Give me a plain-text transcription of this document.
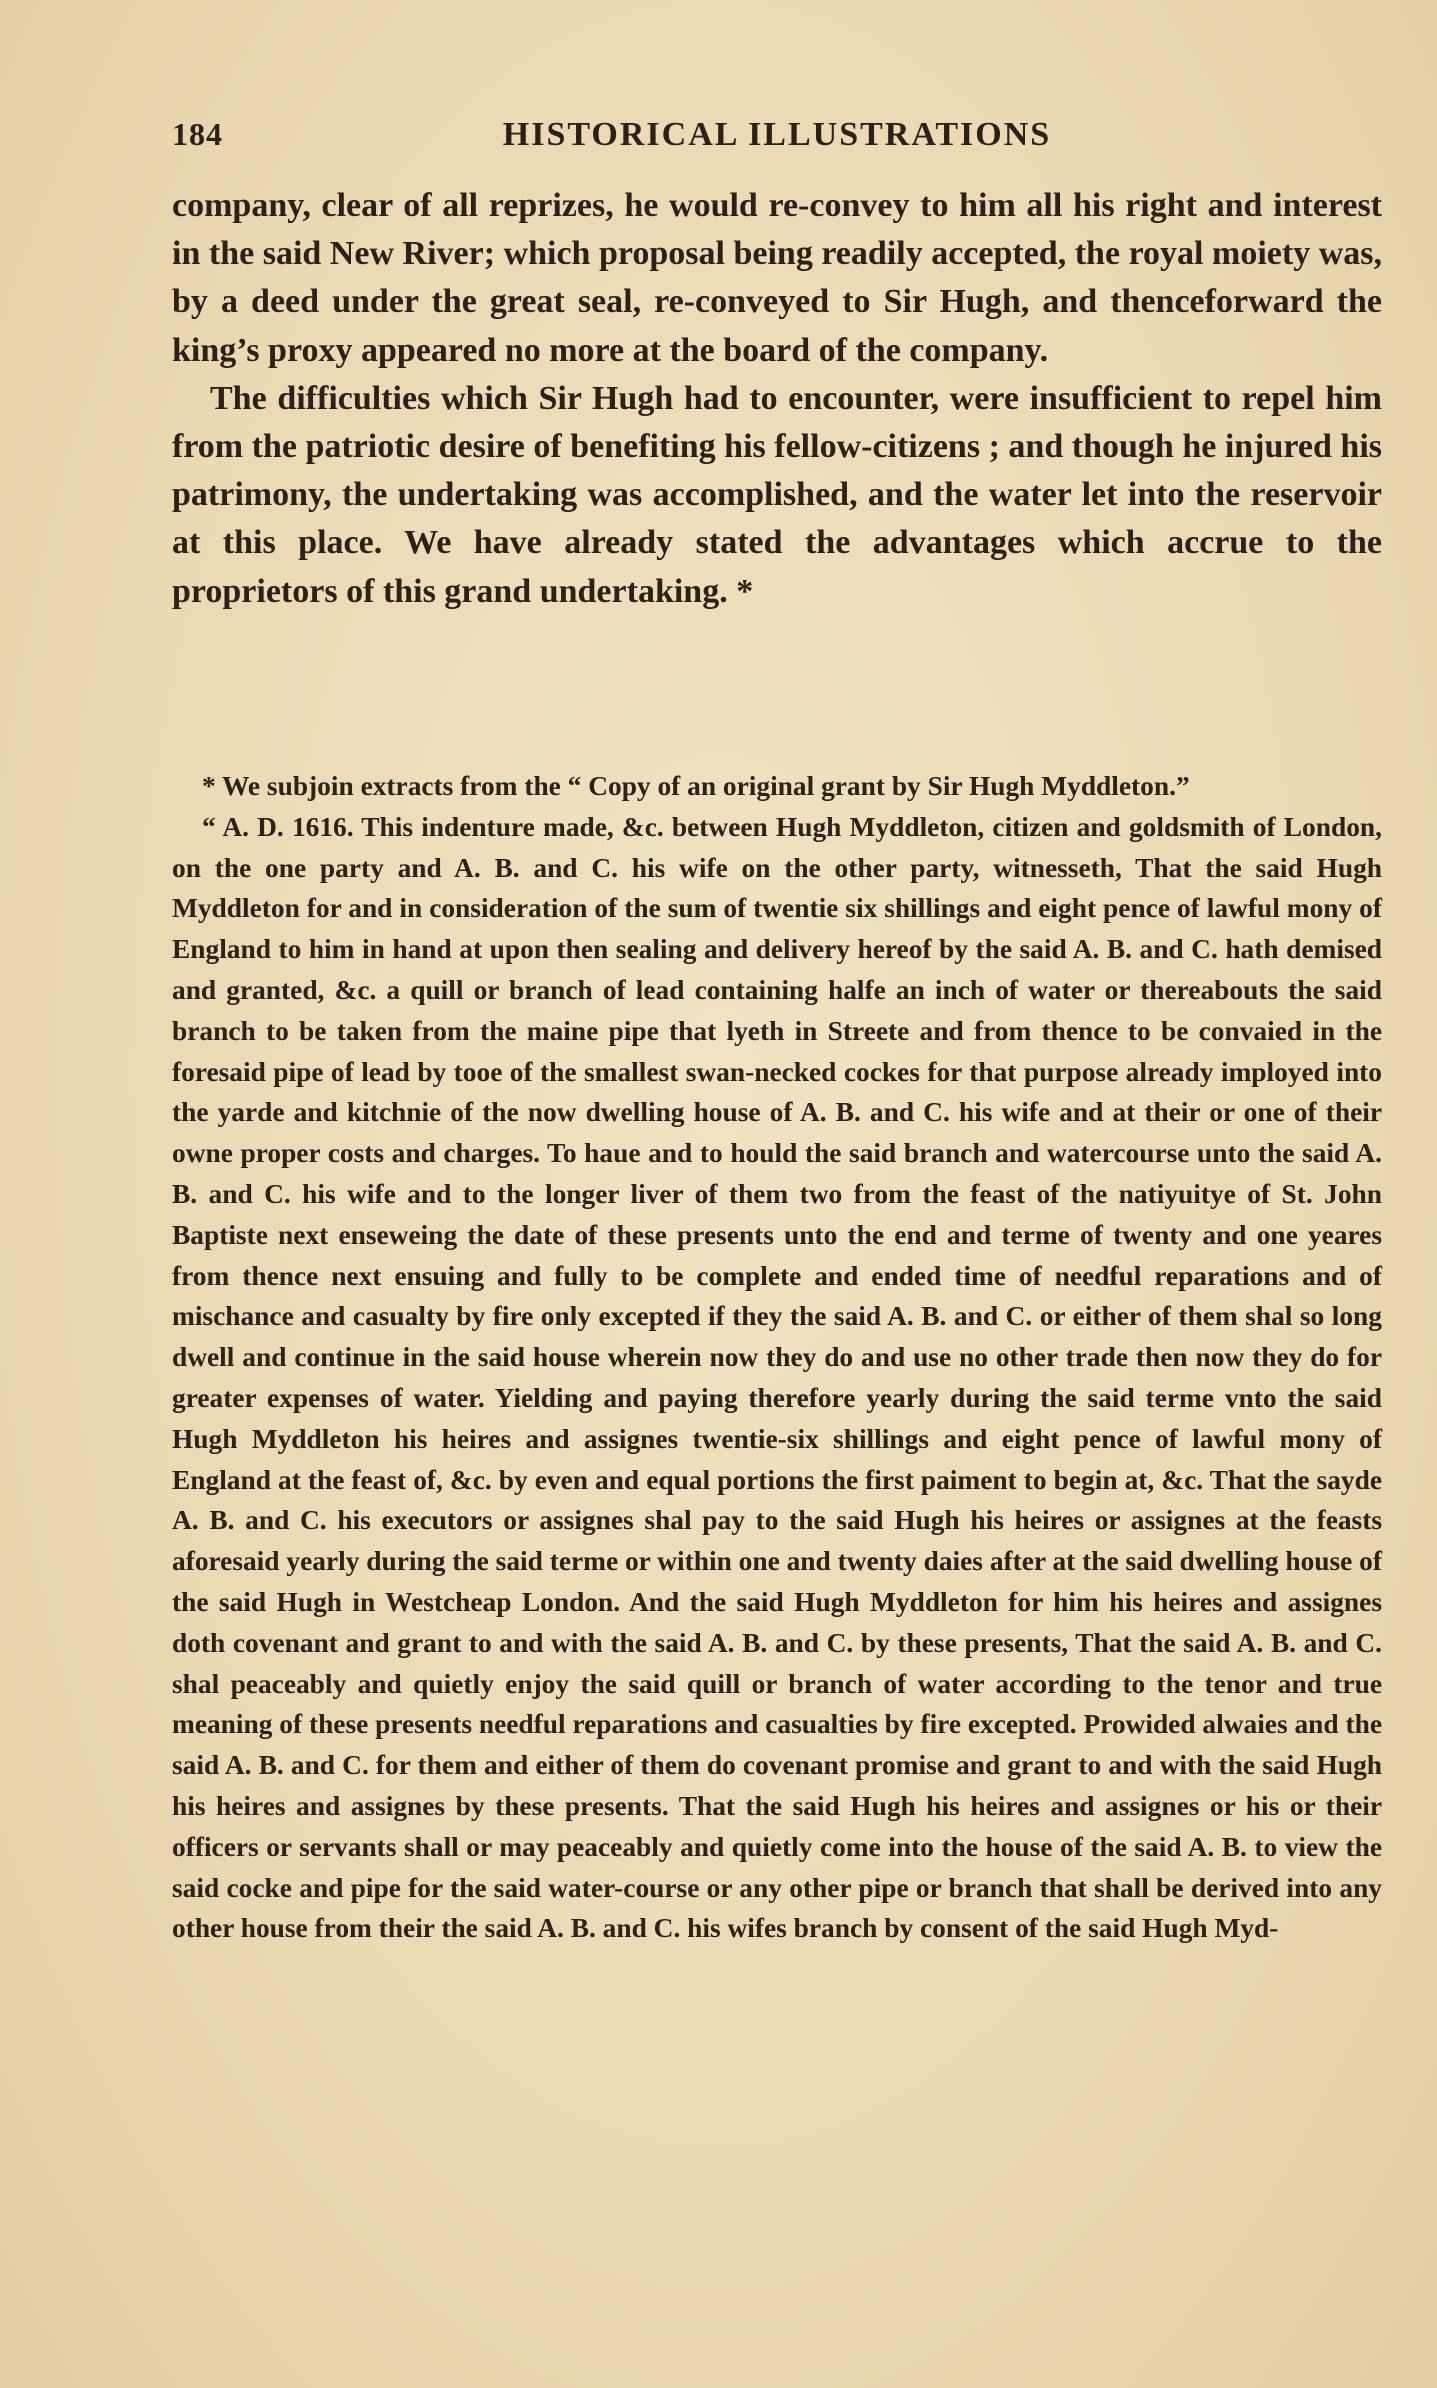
184	HISTORICAL ILLUSTRATIONS

company, clear of all reprizes, he would re-convey to him all his right and interest in the said New River; which proposal being readily accepted, the royal moiety was, by a deed under the great seal, re-conveyed to Sir Hugh, and thenceforward the king’s proxy appeared no more at the board of the company.

The difficulties which Sir Hugh had to encounter, were insufficient to repel him from the patriotic desire of benefiting his fellow-citizens ; and though he injured his patrimony, the undertaking was accomplished, and the water let into the reservoir at this place. We have already stated the advantages which accrue to the proprietors of this grand undertaking. *

* We subjoin extracts from the “ Copy of an original grant by Sir Hugh Myddleton.”

“ A. D. 1616. This indenture made, &c. between Hugh Myddleton, citizen and goldsmith of London, on the one party and A. B. and C. his wife on the other party, witnesseth, That the said Hugh Myddleton for and in consideration of the sum of twentie six shillings and eight pence of lawful mony of England to him in hand at upon then sealing and delivery hereof by the said A. B. and C. hath demised and granted, &c. a quill or branch of lead containing halfe an inch of water or thereabouts the said branch to be taken from the maine pipe that lyeth in Streete and from thence to be convaied in the foresaid pipe of lead by tooe of the smallest swan-necked cockes for that purpose already imployed into the yarde and kitchnie of the now dwelling house of A. B. and C. his wife and at their or one of their owne proper costs and charges. To haue and to hould the said branch and watercourse unto the said A. B. and C. his wife and to the longer liver of them two from the feast of the natiyuitye of St. John Baptiste next enseweing the date of these presents unto the end and terme of twenty and one yeares from thence next ensuing and fully to be complete and ended time of needful reparations and of mischance and casualty by fire only excepted if they the said A. B. and C. or either of them shal so long dwell and continue in the said house wherein now they do and use no other trade then now they do for greater expenses of water. Yielding and paying therefore yearly during the said terme vnto the said Hugh Myddleton his heires and assignes twentie-six shillings and eight pence of lawful mony of England at the feast of, &c. by even and equal portions the first paiment to begin at, &c. That the sayde A. B. and C. his executors or assignes shal pay to the said Hugh his heires or assignes at the feasts aforesaid yearly during the said terme or within one and twenty daies after at the said dwelling house of the said Hugh in Westcheap London. And the said Hugh Myddleton for him his heires and assignes doth covenant and grant to and with the said A. B. and C. by these presents, That the said A. B. and C. shal peaceably and quietly enjoy the said quill or branch of water according to the tenor and true meaning of these presents needful reparations and casualties by fire excepted. Prowided alwaies and the said A. B. and C. for them and either of them do covenant promise and grant to and with the said Hugh his heires and assignes by these presents. That the said Hugh his heires and assignes or his or their officers or servants shall or may peaceably and quietly come into the house of the said A. B. to view the said cocke and pipe for the said water-course or any other pipe or branch that shall be derived into any other house from their the said A. B. and C. his wifes branch by consent of the said Hugh Myd-
